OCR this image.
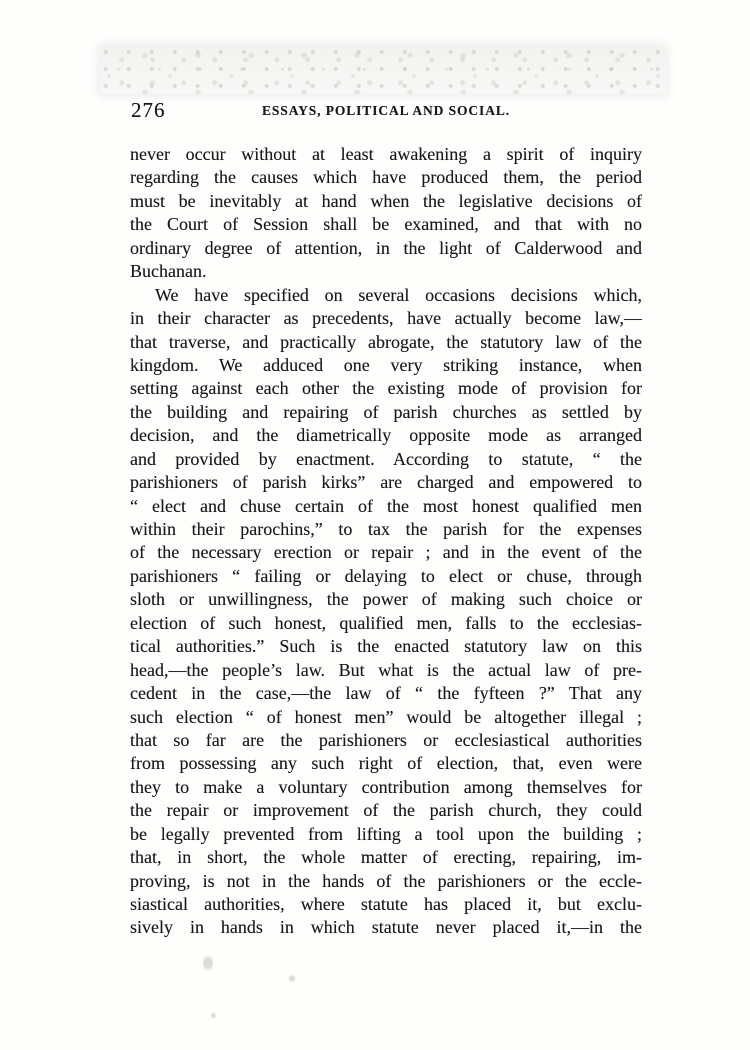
276	ESSAYS, POLITICAL AND SOCIAL.
never occur without at least awakening a spirit of inquiry
regarding the causes which have produced them, the period
must be inevitably at hand when the legislative decisions of
the Court of Session shall be examined, and that with no
ordinary degree of attention, in the light of Calderwood and
Buchanan.
We have specified on several occasions decisions which,
in their character as precedents, have actually become law,—
that traverse, and practically abrogate, the statutory law of the
kingdom. We adduced one very striking instance, when
setting against each other the existing mode of provision for
the building and repairing of parish churches as settled by
decision, and the diametrically opposite mode as arranged
and provided by enactment. According to statute, “ the
parishioners of parish kirks” are charged and empowered to
“ elect and chuse certain of the most honest qualified men
within their parochins,” to tax the parish for the expenses
of the necessary erection or repair ; and in the event of the
parishioners “ failing or delaying to elect or chuse, through
sloth or unwillingness, the power of making such choice or
election of such honest, qualified men, falls to the ecclesias-
tical authorities.” Such is the enacted statutory law on this
head,—the people’s law. But what is the actual law of pre-
cedent in the case,—the law of “ the fyfteen ?” That any
such election “ of honest men” would be altogether illegal ;
that so far are the parishioners or ecclesiastical authorities
from possessing any such right of election, that, even were
they to make a voluntary contribution among themselves for
the repair or improvement of the parish church, they could
be legally prevented from lifting a tool upon the building ;
that, in short, the whole matter of erecting, repairing, im-
proving, is not in the hands of the parishioners or the eccle-
siastical authorities, where statute has placed it, but exclu-
sively in hands in which statute never placed it,—in the
